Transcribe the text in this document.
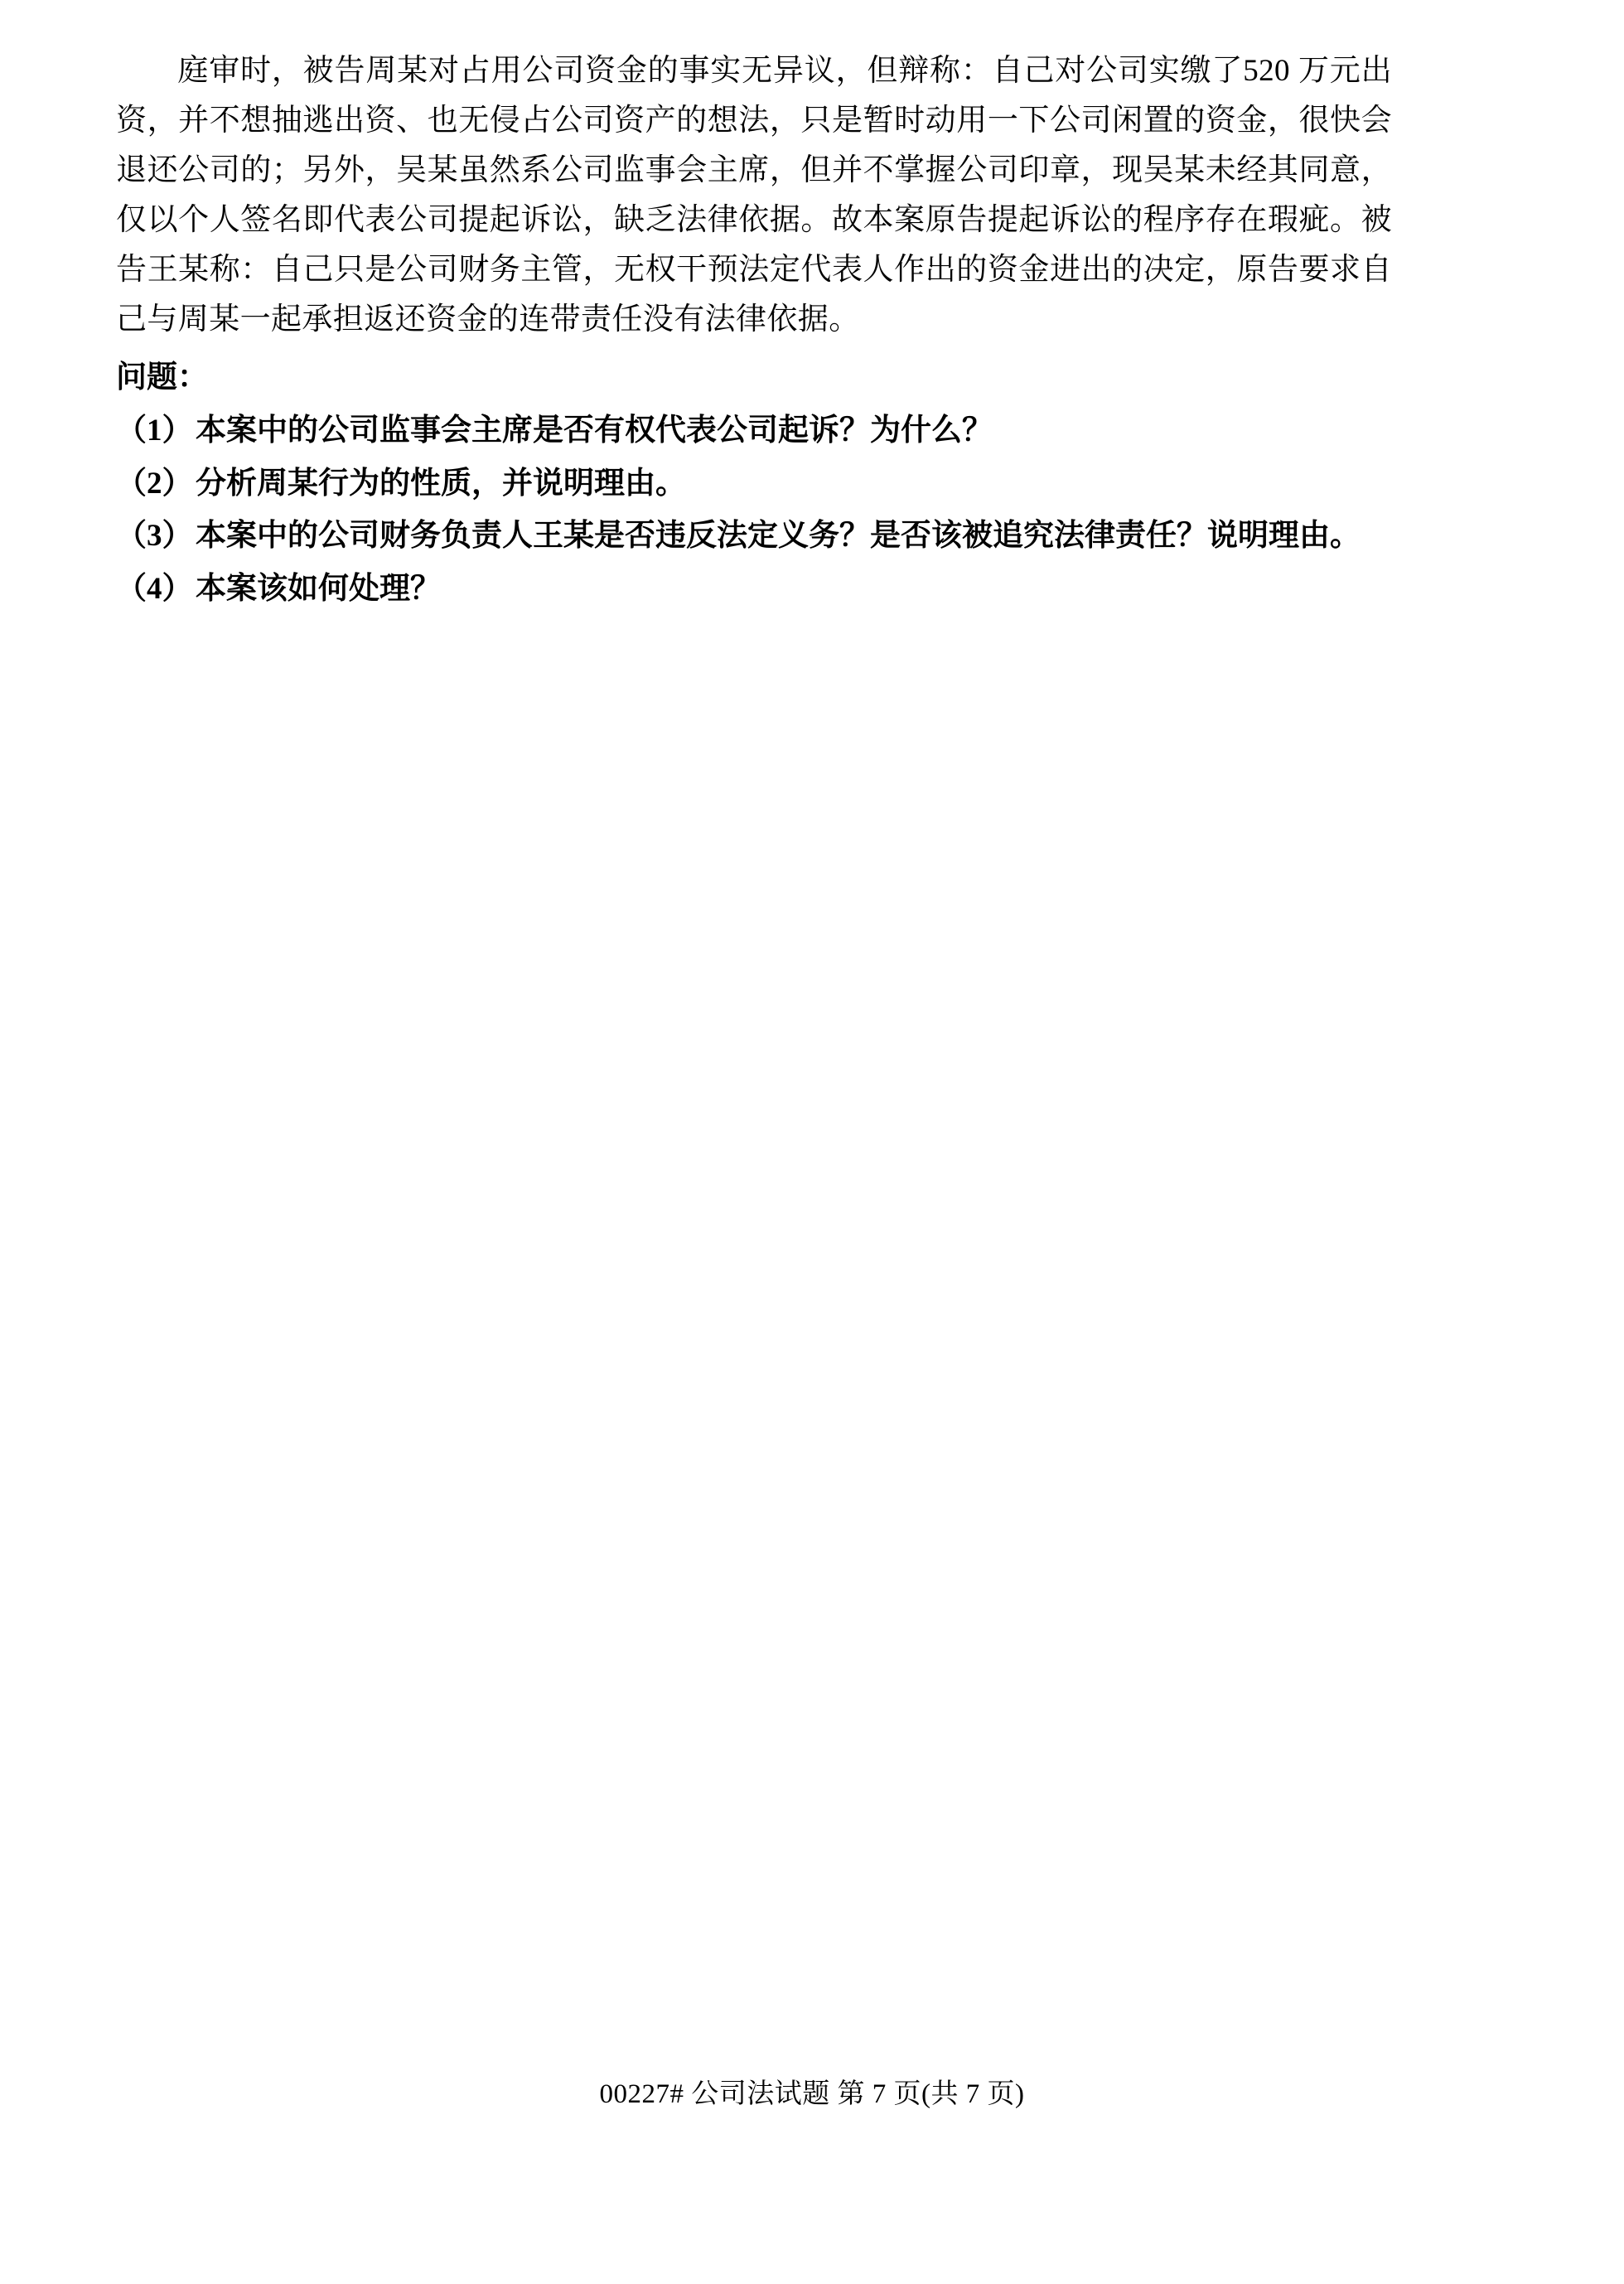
庭审时，被告周某对占用公司资金的事实无异议，但辩称：自己对公司实缴了520 万元出资，并不想抽逃出资、也无侵占公司资产的想法，只是暂时动用一下公司闲置的资金，很快会退还公司的；另外，吴某虽然系公司监事会主席，但并不掌握公司印章，现吴某未经其同意，仅以个人签名即代表公司提起诉讼，缺乏法律依据。故本案原告提起诉讼的程序存在瑕疵。被告王某称：自己只是公司财务主管，无权干预法定代表人作出的资金进出的决定，原告要求自己与周某一起承担返还资金的连带责任没有法律依据。

问题：

（1） 本案中的公司监事会主席是否有权代表公司起诉？为什么？
（2） 分析周某行为的性质，并说明理由。
（3） 本案中的公司财务负责人王某是否违反法定义务？是否该被追究法律责任？说明理由。
（4） 本案该如何处理？
00227# 公司法试题 第 7 页(共 7 页)
